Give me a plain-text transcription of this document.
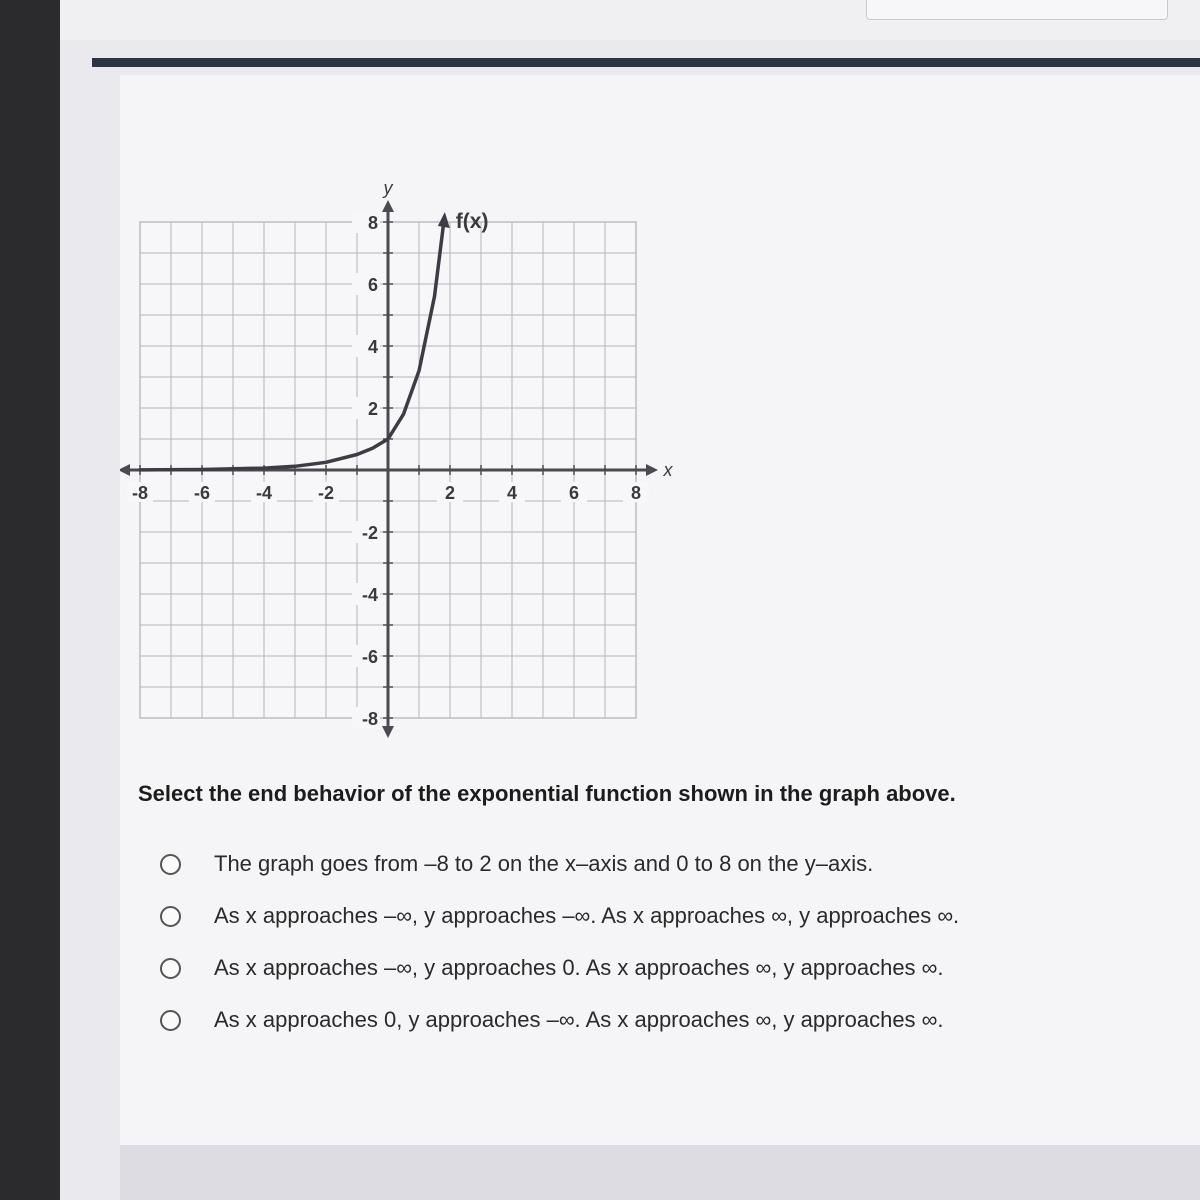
-8	-6	-4	-2	2	4	6	8
8
6
4
2
-2
-4
-6
-8
x
y
f(x)
Select the end behavior of the exponential function shown in the graph above.
The graph goes from –8 to 2 on the x–axis and 0 to 8 on the y–axis.
As x approaches –∞, y approaches –∞. As x approaches ∞, y approaches ∞.
As x approaches –∞, y approaches 0. As x approaches ∞, y approaches ∞.
As x approaches 0, y approaches –∞. As x approaches ∞, y approaches ∞.
